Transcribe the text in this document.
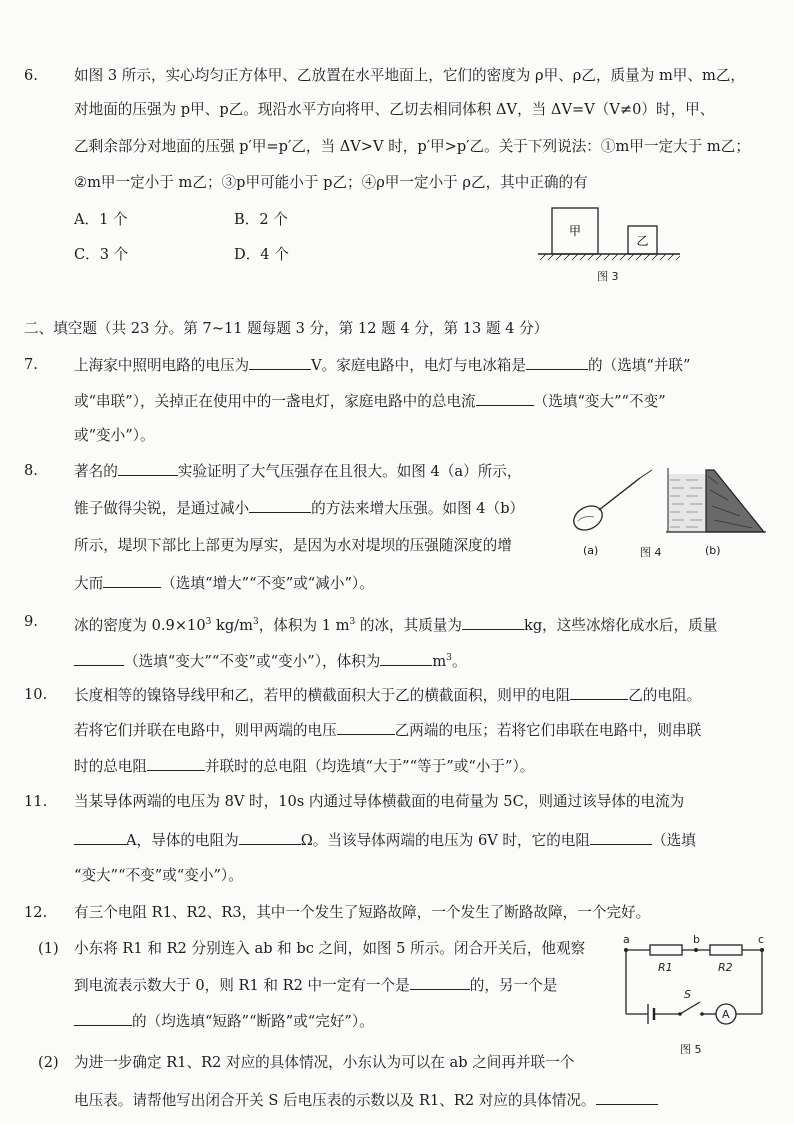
6. 如图 3 所示，实心均匀正方体甲、乙放置在水平地面上，它们的密度为 ρ甲、ρ乙，质量为 m甲、m乙，
对地面的压强为 p甲、p乙。现沿水平方向将甲、乙切去相同体积 ΔV，当 ΔV=V（V≠0）时，甲、
乙剩余部分对地面的压强 p′甲=p′乙，当 ΔV>V 时，p′甲>p′乙。关于下列说法：①m甲一定大于 m乙；
②m甲一定小于 m乙；③p甲可能小于 p乙；④ρ甲一定小于 ρ乙，其中正确的有
A．1 个	B．2 个
C．3 个	D．4 个
甲
乙
图 3
二、填空题（共 23 分。第 7~11 题每题 3 分，第 12 题 4 分，第 13 题 4 分）
7. 上海家中照明电路的电压为	V。家庭电路中，电灯与电冰箱是	的（选填“并联”
或“串联”），关掉正在使用中的一盏电灯，家庭电路中的总电流	（选填“变大”“不变”
或“变小”）。
8. 著名的	实验证明了大气压强存在且很大。如图 4（a）所示，
锥子做得尖锐，是通过减小	的方法来增大压强。如图 4（b）
所示，堤坝下部比上部更为厚实，是因为水对堤坝的压强随深度的增
大而	（选填“增大”“不变”或“减小”）。
(a)	图 4	(b)
9. 冰的密度为 $0.9\times 10^3$ $kg/m^3$，体积为 1 $m^3$ 的冰，其质量为	kg，这些冰熔化成水后，质量
（选填“变大”“不变”或“变小”），体积为	$m^3$。
10. 长度相等的镍铬导线甲和乙，若甲的横截面积大于乙的横截面积，则甲的电阻	乙的电阻。
若将它们并联在电路中，则甲两端的电压	乙两端的电压；若将它们串联在电路中，则串联
时的总电阻	并联时的总电阻（均选填“大于”“等于”或“小于”）。
11. 当某导体两端的电压为 8V 时，10s 内通过导体横截面的电荷量为 5C，则通过该导体的电流为
A，导体的电阻为	Ω。当该导体两端的电压为 6V 时，它的电阻	（选填
“变大”“不变”或“变小”）。
12. 有三个电阻 R1、R2、R3，其中一个发生了短路故障，一个发生了断路故障，一个完好。
(1) 小东将 R1 和 R2 分别连入 ab 和 bc 之间，如图 5 所示。闭合开关后，他观察
到电流表示数大于 0，则 R1 和 R2 中一定有一个是	的，另一个是
的（均选填“短路”“断路”或“完好”）。
(2) 为进一步确定 R1、R2 对应的具体情况，小东认为可以在 ab 之间再并联一个
电压表。请帮他写出闭合开关 S 后电压表的示数以及 R1、R2 对应的具体情况。
a	b	c
R1	R2
S
A
图 5
